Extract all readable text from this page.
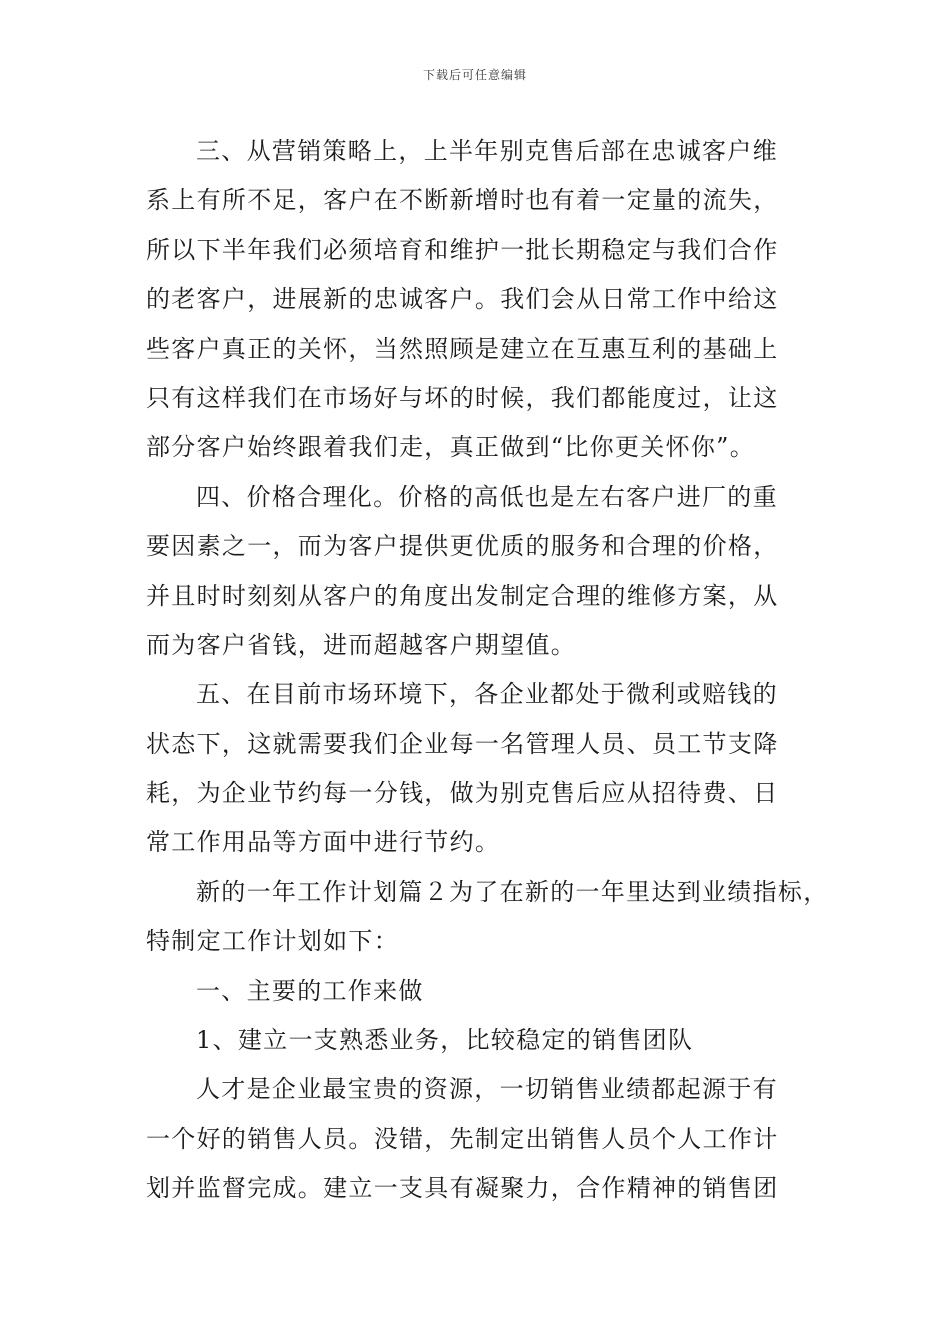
下载后可任意编辑
三、从营销策略上，上半年别克售后部在忠诚客户维
系上有所不足，客户在不断新增时也有着一定量的流失，
所以下半年我们必须培育和维护一批长期稳定与我们合作
的老客户，进展新的忠诚客户。我们会从日常工作中给这
些客户真正的关怀，当然照顾是建立在互惠互利的基础上
只有这样我们在市场好与坏的时候，我们都能度过，让这
部分客户始终跟着我们走，真正做到“比你更关怀你”。
四、价格合理化。价格的高低也是左右客户进厂的重
要因素之一，而为客户提供更优质的服务和合理的价格，
并且时时刻刻从客户的角度出发制定合理的维修方案，从
而为客户省钱，进而超越客户期望值。
五、在目前市场环境下，各企业都处于微利或赔钱的
状态下，这就需要我们企业每一名管理人员、员工节支降
耗，为企业节约每一分钱，做为别克售后应从招待费、日
常工作用品等方面中进行节约。
新的一年工作计划篇２为了在新的一年里达到业绩指标，
特制定工作计划如下：
一、主要的工作来做
1、建立一支熟悉业务，比较稳定的销售团队
人才是企业最宝贵的资源，一切销售业绩都起源于有
一个好的销售人员。没错，先制定出销售人员个人工作计
划并监督完成。建立一支具有凝聚力，合作精神的销售团
